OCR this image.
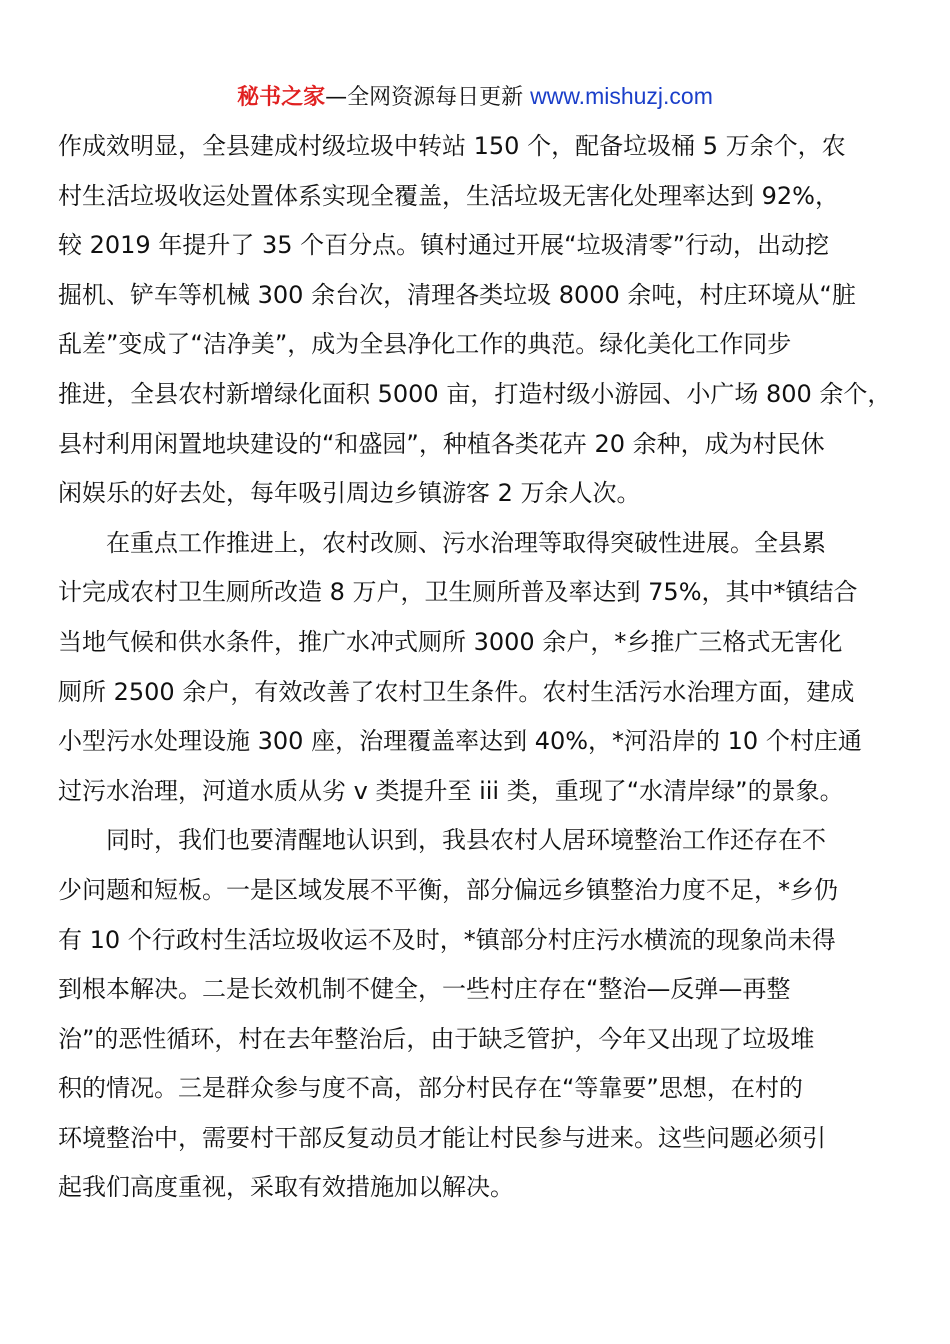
秘书之家—全网资源每日更新 www.mishuzj.com
作成效明显，全县建成村级垃圾中转站 150 个，配备垃圾桶 5 万余个，农
村生活垃圾收运处置体系实现全覆盖，生活垃圾无害化处理率达到 92%，
较 2019 年提升了 35 个百分点。镇村通过开展“垃圾清零”行动，出动挖
掘机、铲车等机械 300 余台次，清理各类垃圾 8000 余吨，村庄环境从“脏
乱差”变成了“洁净美”，成为全县净化工作的典范。绿化美化工作同步
推进，全县农村新增绿化面积 5000 亩，打造村级小游园、小广场 800 余个，
县村利用闲置地块建设的“和盛园”，种植各类花卉 20 余种，成为村民休
闲娱乐的好去处，每年吸引周边乡镇游客 2 万余人次。
在重点工作推进上，农村改厕、污水治理等取得突破性进展。全县累
计完成农村卫生厕所改造 8 万户，卫生厕所普及率达到 75%，其中*镇结合
当地气候和供水条件，推广水冲式厕所 3000 余户，*乡推广三格式无害化
厕所 2500 余户，有效改善了农村卫生条件。农村生活污水治理方面，建成
小型污水处理设施 300 座，治理覆盖率达到 40%，*河沿岸的 10 个村庄通
过污水治理，河道水质从劣 v 类提升至 iii 类，重现了“水清岸绿”的景象。
同时，我们也要清醒地认识到，我县农村人居环境整治工作还存在不
少问题和短板。一是区域发展不平衡，部分偏远乡镇整治力度不足，*乡仍
有 10 个行政村生活垃圾收运不及时，*镇部分村庄污水横流的现象尚未得
到根本解决。二是长效机制不健全，一些村庄存在“整治—反弹—再整
治”的恶性循环，村在去年整治后，由于缺乏管护，今年又出现了垃圾堆
积的情况。三是群众参与度不高，部分村民存在“等靠要”思想，在村的
环境整治中，需要村干部反复动员才能让村民参与进来。这些问题必须引
起我们高度重视，采取有效措施加以解决。
